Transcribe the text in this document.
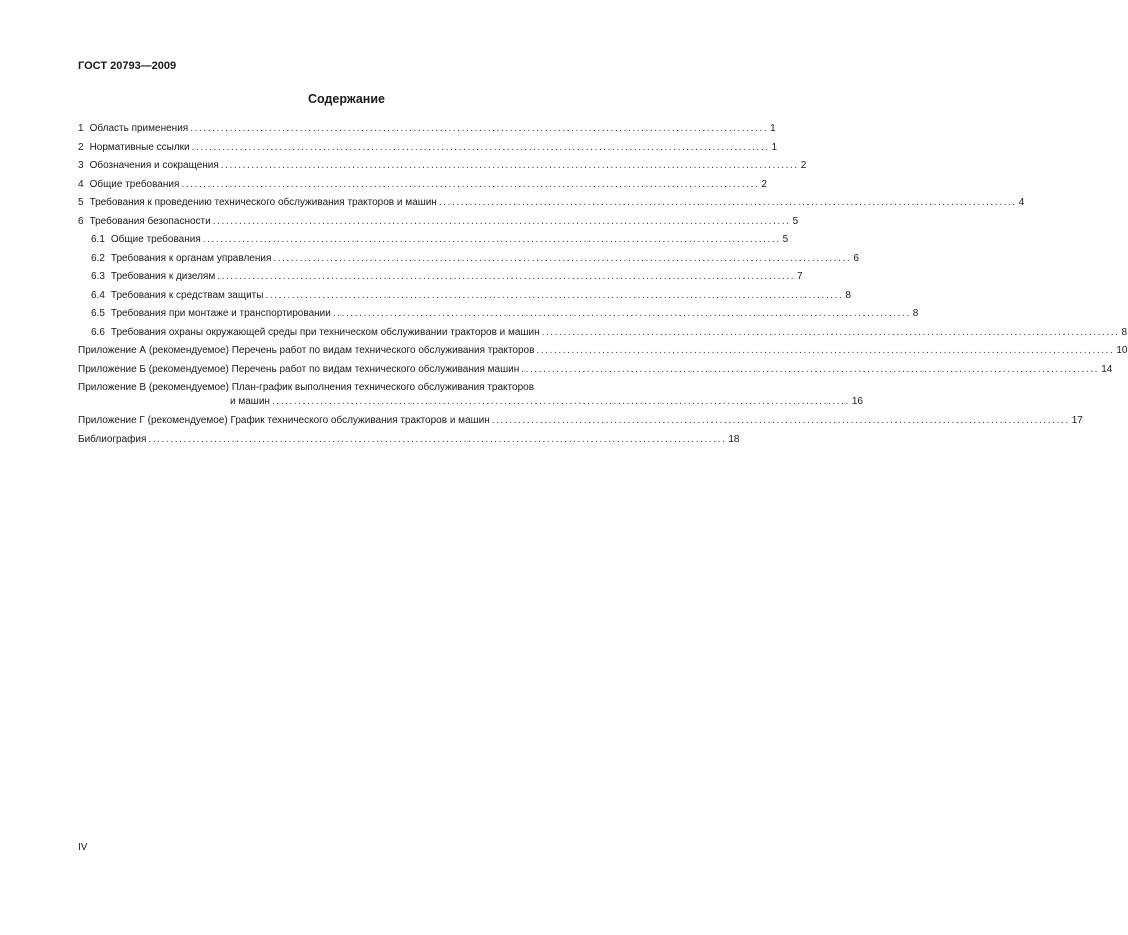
ГОСТ 20793—2009
Содержание
1 Область применения .................................................................................................................................... 1
2 Нормативные ссылки .................................................................................................................................... 1
3 Обозначения и сокращения .................................................................................................................................... 2
4 Общие требования .................................................................................................................................... 2
5 Требования к проведению технического обслуживания тракторов и машин .................................................................................................................................... 4
6 Требования безопасности .................................................................................................................................... 5
6.1 Общие требования .................................................................................................................................... 5
6.2 Требования к органам управления .................................................................................................................................... 6
6.3 Требования к дизелям .................................................................................................................................... 7
6.4 Требования к средствам защиты .................................................................................................................................... 8
6.5 Требования при монтаже и транспортировании .................................................................................................................................... 8
6.6 Требования охраны окружающей среды при техническом обслуживании тракторов и машин .................................................................................................................................... 8
Приложение А (рекомендуемое) Перечень работ по видам технического обслуживания тракторов .................................................................................................................................... 10
Приложение Б (рекомендуемое) Перечень работ по видам технического обслуживания машин .................................................................................................................................... 14
Приложение В (рекомендуемое) План-график выполнения технического обслуживания тракторов
и машин .................................................................................................................................... 16
Приложение Г (рекомендуемое) График технического обслуживания тракторов и машин .................................................................................................................................... 17
Библиография .................................................................................................................................... 18
IV
